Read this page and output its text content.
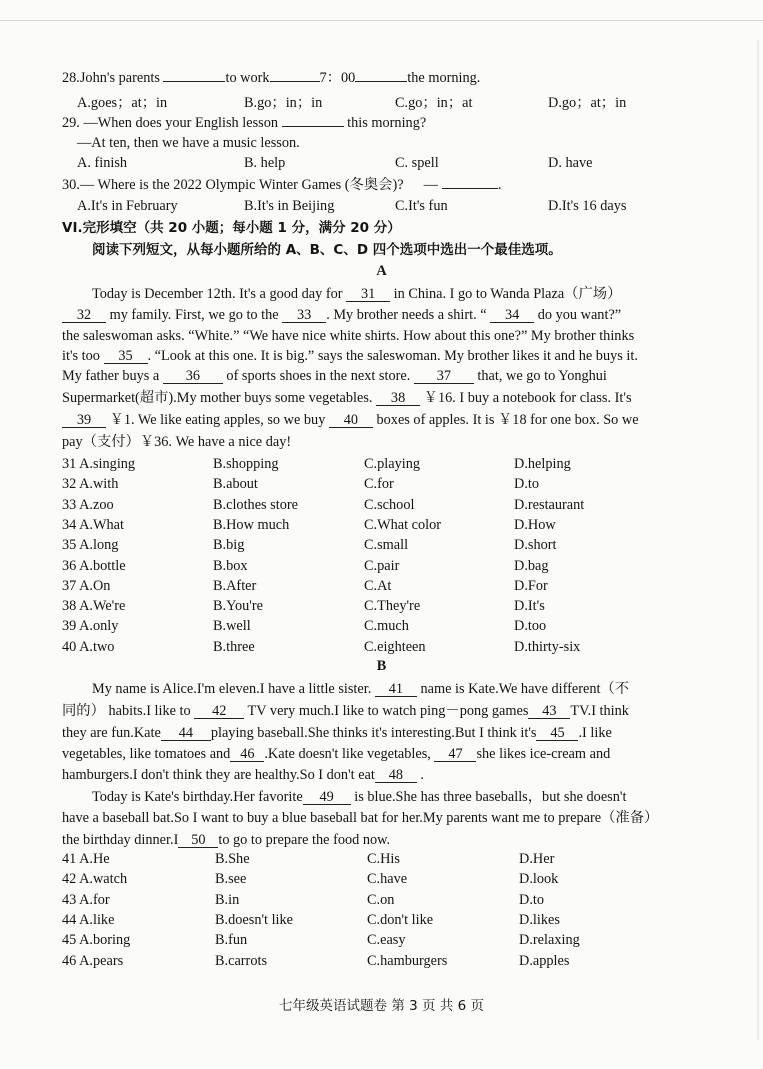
28.John's parents	to work	7：00	the morning.
A.goes；at；in	B.go；in；in	C.go；in；at	D.go；at；in
29. —When does your English lesson	this morning?
—At ten, then we have a music lesson.
A. finish	B. help	C. spell	D. have
30.— Where is the 2022 Olympic Winter Games (冬奥会)? —	.
A.It's in February	B.It's in Beijing	C.It's fun	D.It's 16 days
VI.完形填空（共 20 小题；每小题 1 分，满分 20 分）
阅读下列短文，从每小题所给的 A、B、C、D 四个选项中选出一个最佳选项。
A
Today is December 12th. It's a good day for 31 in China. I go to Wanda Plaza（广场）
32 my family. First, we go to the 33 . My brother needs a shirt. “ 34 do you want?”
the saleswoman asks. “White.” “We have nice white shirts. How about this one?” My brother thinks
it's too 35 . “Look at this one. It is big.” says the saleswoman. My brother likes it and he buys it.
My father buys a 36 of sports shoes in the next store. 37 that, we go to Yonghui
Supermarket(超市).My mother buys some vegetables. 38 ￥16. I buy a notebook for class. It's
39 ￥1. We like eating apples, so we buy 40 boxes of apples. It is ￥18 for one box. So we
pay（支付）￥36. We have a nice day!
31 A.singing	B.shopping	C.playing	D.helping
32 A.with	B.about	C.for	D.to
33 A.zoo	B.clothes store	C.school	D.restaurant
34 A.What	B.How much	C.What color	D.How
35 A.long	B.big	C.small	D.short
36 A.bottle	B.box	C.pair	D.bag
37 A.On	B.After	C.At	D.For
38 A.We're	B.You're	C.They're	D.It's
39 A.only	B.well	C.much	D.too
40 A.two	B.three	C.eighteen	D.thirty-six
B
My name is Alice.I'm eleven.I have a little sister. 41 name is Kate.We have different（不
同的） habits.I like to 42 TV very much.I like to watch ping－pong games 43 TV.I think
they are fun.Kate 44 playing baseball.She thinks it's interesting.But I think it's 45 .I like
vegetables, like tomatoes and 46 .Kate doesn't like vegetables, 47 she likes ice-cream and
hamburgers.I don't think they are healthy.So I don't eat 48 .
Today is Kate's birthday.Her favorite 49 is blue.She has three baseballs，but she doesn't
have a baseball bat.So I want to buy a blue baseball bat for her.My parents want me to prepare（准备）
the birthday dinner.I 50 to go to prepare the food now.
41 A.He	B.She	C.His	D.Her
42 A.watch	B.see	C.have	D.look
43 A.for	B.in	C.on	D.to
44 A.like	B.doesn't like	C.don't like	D.likes
45 A.boring	B.fun	C.easy	D.relaxing
46 A.pears	B.carrots	C.hamburgers	D.apples
七年级英语试题卷 第 3 页 共 6 页
